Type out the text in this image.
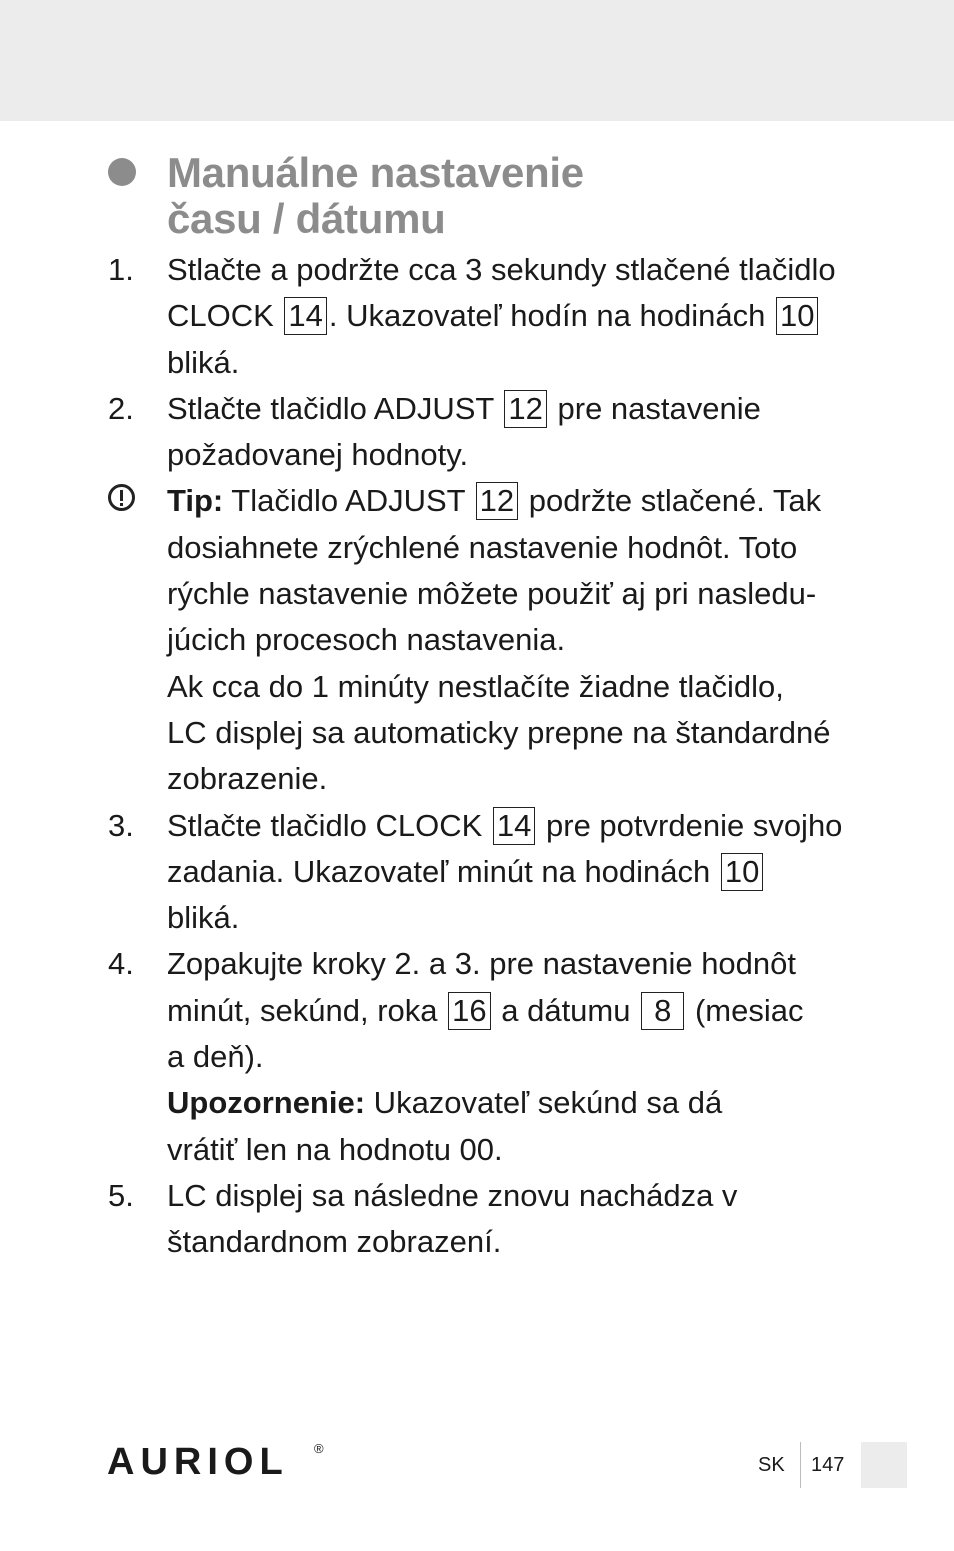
Manuálne nastavenie
času / dátumu
1. Stlačte a podržte cca 3 sekundy stlačené tlačidlo
CLOCK 14 . Ukazovateľ hodín na hodinách 10
bliká.
2. Stlačte tlačidlo ADJUST 12 pre nastavenie
požadovanej hodnoty.
Tip: Tlačidlo ADJUST 12 podržte stlačené. Tak
dosiahnete zrýchlené nastavenie hodnôt. Toto
rýchle nastavenie môžete použiť aj pri nasledu-
júcich procesoch nastavenia.
Ak cca do 1 minúty nestlačíte žiadne tlačidlo,
LC displej sa automaticky prepne na štandardné
zobrazenie.
3. Stlačte tlačidlo CLOCK 14 pre potvrdenie svojho
zadania. Ukazovateľ minút na hodinách 10
bliká.
4. Zopakujte kroky 2. a 3. pre nastavenie hodnôt
minút, sekúnd, roka 16 a dátumu 8 (mesiac
a deň).
Upozornenie: Ukazovateľ sekúnd sa dá
vrátiť len na hodnotu 00.
5. LC displej sa následne znovu nachádza v
štandardnom zobrazení.
AURIOL ®
SK 147
